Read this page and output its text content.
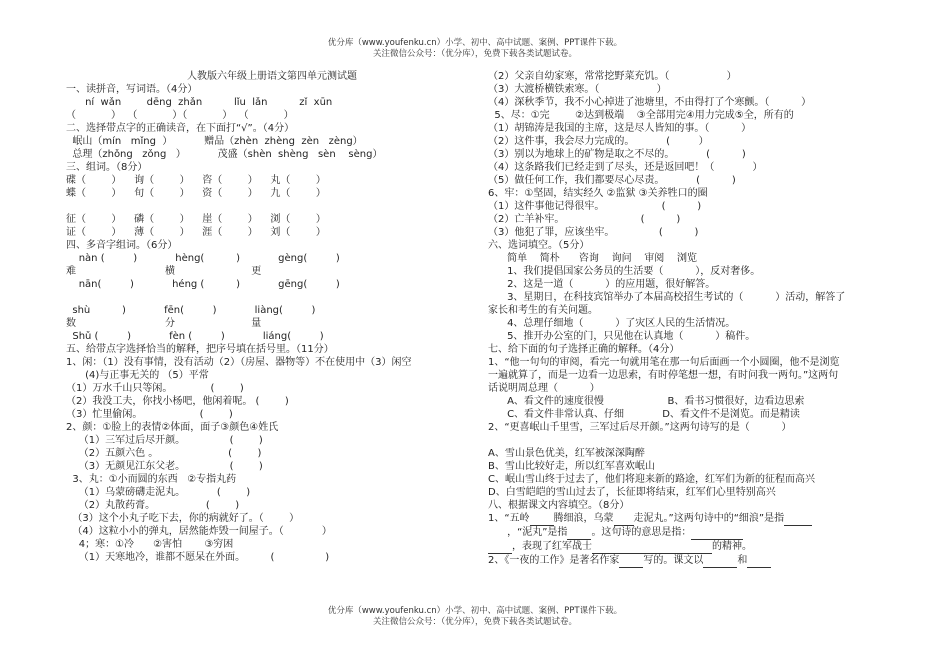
优分库（www.youfenku.cn）小学、初中、高中试题、案例、PPT课件下载。
关注微信公众号：（优分库），免费下载各类试题试卷。
人教版六年级上册语文第四单元测试题
一、读拼音，写词语。（4分）
ní  wǎn        dēng  zhǎn          lǐu  lǎn          zǐ  xūn
（           ）  （           ）（           ）  （           ）
二、选择带点字的正确读音，在下面打“√”。（4分）
岷山（mín   mǐng  ）          赠品（zhèn  zhèng  zèn   zèng）
总理（zhǒng   zǒng   ）          茂盛（shèn  shèng   sèn    sèng）
三、组词。（8分）
碟（        ）    询（        ）    咨（        ）    丸（        ）
蝶（        ）    旬（        ）    资（        ）    九（        ）

征（        ）    磷（        ）    崖（        ）    浏（        ）
证（        ）    薄（        ）    涯（        ）    刘（        ）
四、多音字组词。（6分）
nàn (         )            hèng(          )            gèng(         )
难                            横                        更
nān(         )            héng (          )            gēng(         )

shù          )            fēn(         )            liàng(         )
数                            分                        量
Shǔ (         )            fèn (         )            liáng(         )
五、给带点字选择恰当的解释，把序号填在括号里。（11分）
1、闲：（1）没有事情，没有活动（2）（房屋、器物等）不在使用中（3）闲空
(4)与正事无关的 （5）平常
（1）万水千山只等闲。            (        )
（2）我没工夫，你找小杨吧，他闲着呢。 (        )
（3）忙里偷闲。                  (        )
2、颜：①脸上的表情②体面，面子③颜色④姓氏
（1）三军过后尽开颜。              (        )
（2）五颜六色 。                      (        )
（3）无颜见江东父老。              (        )
3、丸：①小而圆的东西   ②专指丸药
（1）乌蒙磅礴走泥丸。          (        )
（2）丸散药膏。                (        )
（3）这个小丸子吃下去，你的病就好了。（        ）
（4）这粒小小的弹丸，居然能炸毁一间屋子。（            ）
4；寒：①冷      ②害怕       ③穷困
（1）天寒地冷，谁都不愿呆在外面。        (                )
（2）父亲自幼家寒，常常挖野菜充饥。（                  ）
（3）大渡桥横铁索寒。（                  ）
（4）深秋季节，我不小心掉进了池塘里，不由得打了个寒颤。（          ）
5、尽：①完        ②达到极端    ③全部用完④用力完成⑤全，所有的
（1）胡锦涛是我国的主席，这是尽人皆知的事。（          ）
（2）这件事，我会尽力完成的。          (         ）
（3）别以为地球上的矿物是取之不尽的。          (          )
（4）这条路我们已经走到了尽头，还是返回吧！（            ）
（5）做任何工作，我们都要尽心尽责。          (          )
6、牢：①坚固，结实经久 ②监狱 ③关养牲口的圈
（1）这件事他记得很牢。                  (          )
（2）亡羊补牢。                        (          )
（3）他犯了罪，应该坐牢。              (          )
六、选词填空。（5分）
简单    简朴      咨询    询问    审阅    浏览
1、我们提倡国家公务员的生活要（          ），反对奢侈。
2、这是一道（          ）的应用题，很好解答。
3、星期日，在科技宾馆举办了本届高校招生考试的（          ）活动，解答了
家长和考生的有关问题。
4、总理仔细地（          ）了灾区人民的生活情况。
5、推开办公室的门，只见他在认真地（          ）稿件。
七、给下面的句子选择正确的解释。（4分）
1、“他一句句的审阅，看完一句就用笔在那一句后面画一个小圆圈，他不是浏览
一遍就算了，而是一边看一边思索，有时停笔想一想，有时问我一两句。”这两句
话说明周总理（          ）
A、看文件的速度很慢                    B、看书习惯很好，边看边思索
C、看文件非常认真、仔细            D、看文件不是浏览。而是精读
2、“更喜岷山千里雪，三军过后尽开颜。”这两句诗写的是（          ）

A、雪山景色优美，红军被深深陶醉
B、雪山比较好走，所以红军喜欢岷山
C、岷山雪山终于过去了，他们将迎来新的路途，红军们为新的征程而高兴
D、白雪皑皑的雪山过去了，长征即将结束，红军们心里特别高兴
八、根据课文内容填空。（8分）
1、“五岭 腾细浪，乌蒙 走泥丸。”这两句诗中的“细浪”是指
，“泥丸”是指 。这句诗的意思是指：
，表现了红军战士	的精神。
2、《一夜的工作》是著名作家 写的。课文以	和
优分库（www.youfenku.cn）小学、初中、高中试题、案例、PPT课件下载。
关注微信公众号：（优分库），免费下载各类试题试卷。
